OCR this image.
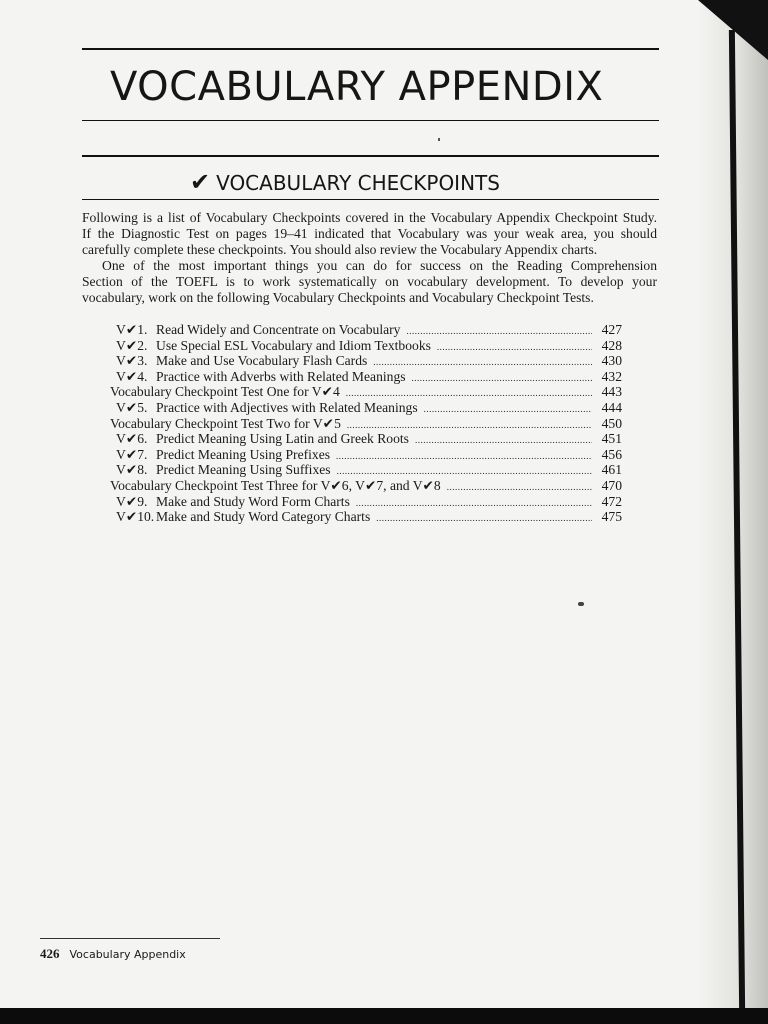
VOCABULARY APPENDIX
✔ VOCABULARY CHECKPOINTS
Following is a list of Vocabulary Checkpoints covered in the Vocabulary Appendix Checkpoint Study.
If the Diagnostic Test on pages 19–41 indicated that Vocabulary was your weak area, you should
carefully complete these checkpoints. You should also review the Vocabulary Appendix charts.
One of the most important things you can do for success on the Reading Comprehension
Section of the TOEFL is to work systematically on vocabulary development. To develop your
vocabulary, work on the following Vocabulary Checkpoints and Vocabulary Checkpoint Tests.
V✔1. Read Widely and Concentrate on Vocabulary .....	427
V✔2. Use Special ESL Vocabulary and Idiom Textbooks .....	428
V✔3. Make and Use Vocabulary Flash Cards .....	430
V✔4. Practice with Adverbs with Related Meanings .....	432
Vocabulary Checkpoint Test One for V✔4 .....	443
V✔5. Practice with Adjectives with Related Meanings .....	444
Vocabulary Checkpoint Test Two for V✔5 .....	450
V✔6. Predict Meaning Using Latin and Greek Roots .....	451
V✔7. Predict Meaning Using Prefixes .....	456
V✔8. Predict Meaning Using Suffixes .....	461
Vocabulary Checkpoint Test Three for V✔6, V✔7, and V✔8 .....	470
V✔9. Make and Study Word Form Charts .....	472
V✔10. Make and Study Word Category Charts .....	475
426 Vocabulary Appendix
